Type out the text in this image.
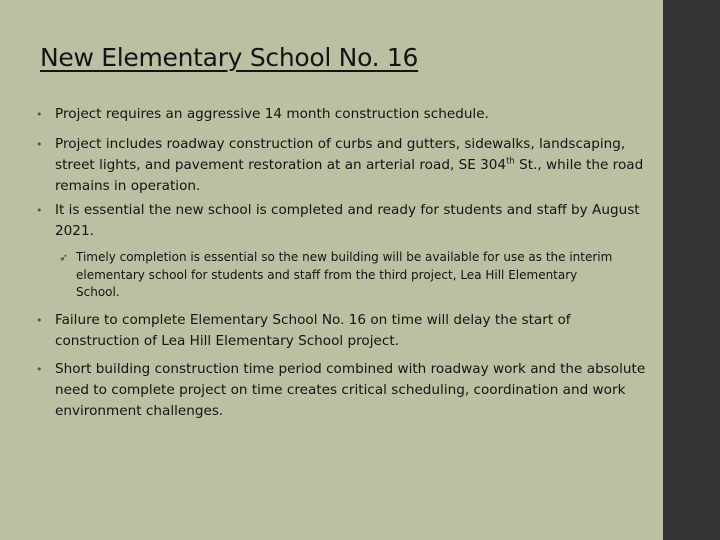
New Elementary School No. 16
• Project requires an aggressive 14 month construction schedule.
• Project includes roadway construction of curbs and gutters, sidewalks, landscaping, street lights, and pavement restoration at an arterial road, SE 304th St., while the road remains in operation.
• It is essential the new school is completed and ready for students and staff by August 2021.
➶ Timely completion is essential so the new building will be available for use as the interim elementary school for students and staff from the third project, Lea Hill Elementary School.
• Failure to complete Elementary School No. 16 on time will delay the start of construction of Lea Hill Elementary School project.
• Short building construction time period combined with roadway work and the absolute need to complete project on time creates critical scheduling, coordination and work environment challenges.
